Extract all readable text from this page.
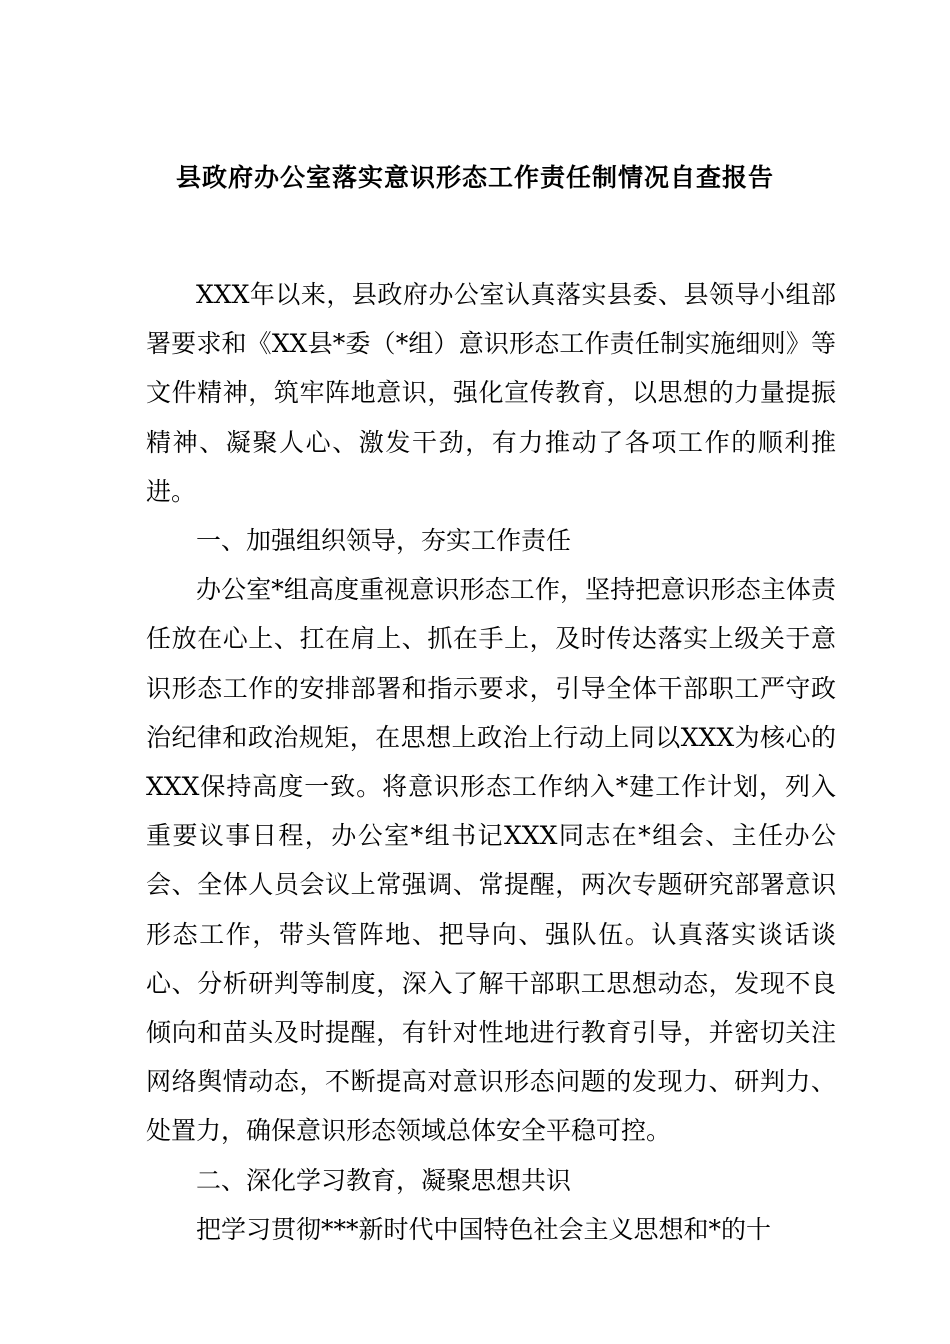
县政府办公室落实意识形态工作责任制情况自查报告

XXX年以来，县政府办公室认真落实县委、县领导小组部署要求和《XX县*委（*组）意识形态工作责任制实施细则》等文件精神，筑牢阵地意识，强化宣传教育，以思想的力量提振精神、凝聚人心、激发干劲，有力推动了各项工作的顺利推进。

一、加强组织领导，夯实工作责任

办公室*组高度重视意识形态工作，坚持把意识形态主体责任放在心上、扛在肩上、抓在手上，及时传达落实上级关于意识形态工作的安排部署和指示要求，引导全体干部职工严守政治纪律和政治规矩，在思想上政治上行动上同以XXX为核心的XXX保持高度一致。将意识形态工作纳入*建工作计划，列入重要议事日程，办公室*组书记XXX同志在*组会、主任办公会、全体人员会议上常强调、常提醒，两次专题研究部署意识形态工作，带头管阵地、把导向、强队伍。认真落实谈话谈心、分析研判等制度，深入了解干部职工思想动态，发现不良倾向和苗头及时提醒，有针对性地进行教育引导，并密切关注网络舆情动态，不断提高对意识形态问题的发现力、研判力、处置力，确保意识形态领域总体安全平稳可控。

二、深化学习教育，凝聚思想共识

把学习贯彻***新时代中国特色社会主义思想和*的十
